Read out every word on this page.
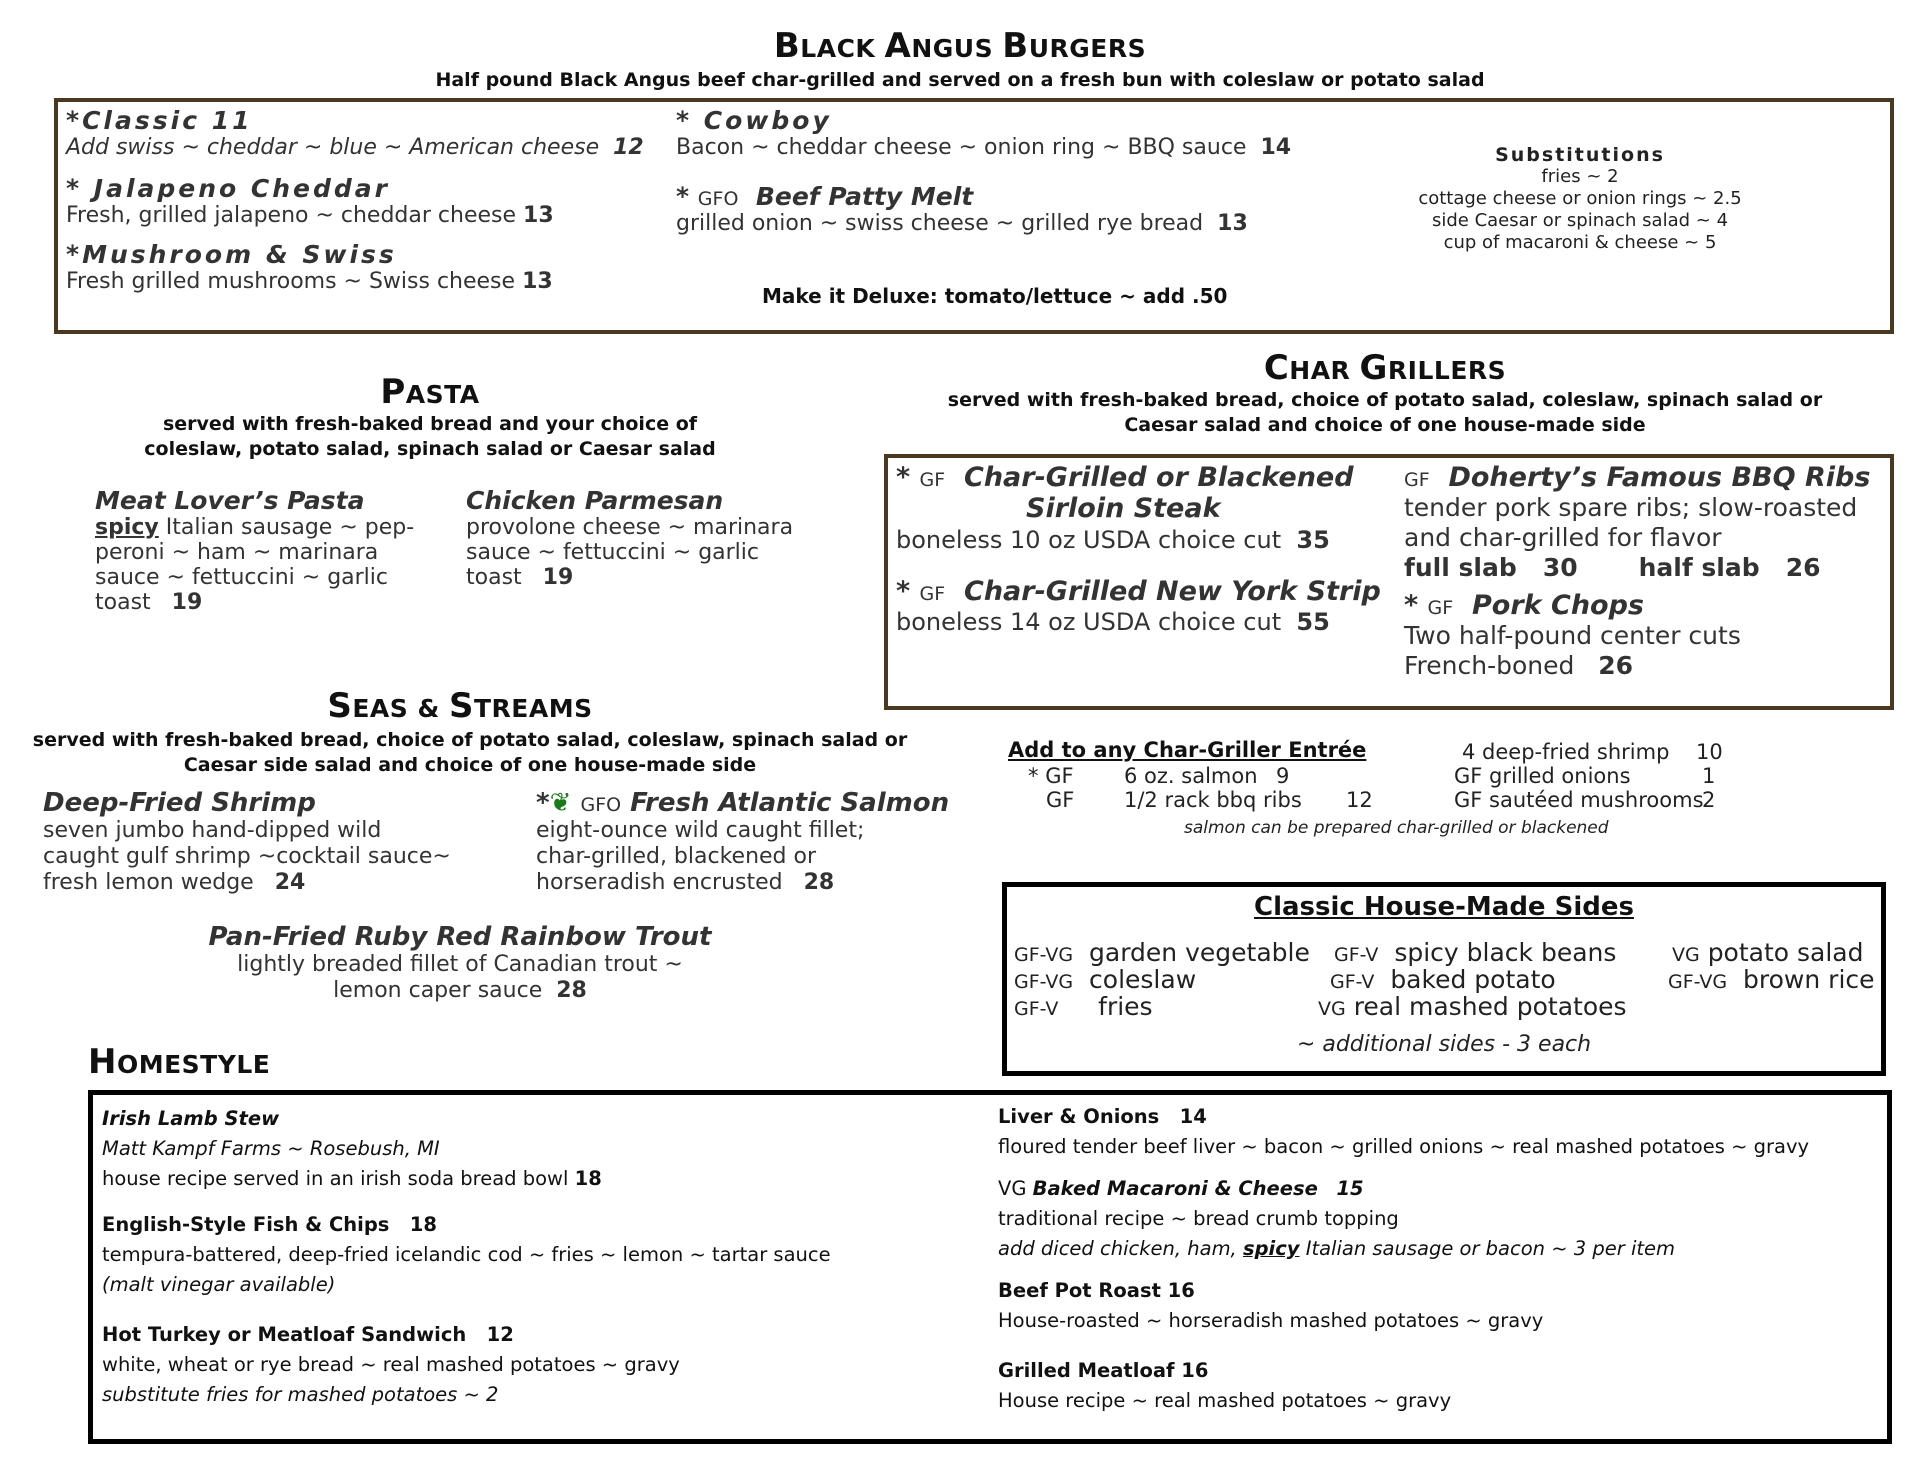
BLACK ANGUS BURGERS
Half pound Black Angus beef char-grilled and served on a fresh bun with coleslaw or potato salad
*Classic 11
Add swiss ~ cheddar ~ blue ~ American cheese 12
* Jalapeno Cheddar
Fresh, grilled jalapeno ~ cheddar cheese 13
*Mushroom & Swiss
Fresh grilled mushrooms ~ Swiss cheese 13
* Cowboy
Bacon ~ cheddar cheese ~ onion ring ~ BBQ sauce 14
* GFO Beef Patty Melt
grilled onion ~ swiss cheese ~ grilled rye bread 13
Make it Deluxe: tomato/lettuce ~ add .50
Substitutions
fries ~ 2
cottage cheese or onion rings ~ 2.5
side Caesar or spinach salad ~ 4
cup of macaroni & cheese ~ 5
PASTA
served with fresh-baked bread and your choice of
coleslaw, potato salad, spinach salad or Caesar salad
Meat Lover’s Pasta
spicy Italian sausage ~ pep-
peroni ~ ham ~ marinara
sauce ~ fettuccini ~ garlic
toast 19
Chicken Parmesan
provolone cheese ~ marinara
sauce ~ fettuccini ~ garlic
toast 19
CHAR GRILLERS
served with fresh-baked bread, choice of potato salad, coleslaw, spinach salad or
Caesar salad and choice of one house-made side
* GF Char-Grilled or Blackened
Sirloin Steak
boneless 10 oz USDA choice cut 35
* GF Char-Grilled New York Strip
boneless 14 oz USDA choice cut 55
GF Doherty’s Famous BBQ Ribs
tender pork spare ribs; slow-roasted
and char-grilled for flavor
full slab 30 half slab 26
* GF Pork Chops
Two half-pound center cuts
French-boned 26
Add to any Char-Griller Entrée
* GF 6 oz. salmon 9
GF 1/2 rack bbq ribs 12
4 deep-fried shrimp 10
GF grilled onions	1
GF sautéed mushrooms
2
salmon can be prepared char-grilled or blackened
SEAS & STREAMS
served with fresh-baked bread, choice of potato salad, coleslaw, spinach salad or
Caesar side salad and choice of one house-made side
Deep-Fried Shrimp
seven jumbo hand-dipped wild
caught gulf shrimp ~cocktail sauce~
fresh lemon wedge 24
*❦ GFO Fresh Atlantic Salmon
eight-ounce wild caught fillet;
char-grilled, blackened or
horseradish encrusted 28
Pan-Fried Ruby Red Rainbow Trout
lightly breaded fillet of Canadian trout ~
lemon caper sauce 28
Classic House-Made Sides
GF-VG garden vegetable
GF-VG coleslaw
GF-V fries
GF-V spicy black beans
GF-V baked potato
VG real mashed potatoes
VG potato salad
GF-VG brown rice
~ additional sides - 3 each
HOMESTYLE
Irish Lamb Stew
Matt Kampf Farms ~ Rosebush, MI
house recipe served in an irish soda bread bowl 18
English-Style Fish & Chips 18
tempura-battered, deep-fried icelandic cod ~ fries ~ lemon ~ tartar sauce
(malt vinegar available)
Hot Turkey or Meatloaf Sandwich 12
white, wheat or rye bread ~ real mashed potatoes ~ gravy
substitute fries for mashed potatoes ~ 2
Liver & Onions 14
floured tender beef liver ~ bacon ~ grilled onions ~ real mashed potatoes ~ gravy
VG Baked Macaroni & Cheese 15
traditional recipe ~ bread crumb topping
add diced chicken, ham, spicy Italian sausage or bacon ~ 3 per item
Beef Pot Roast 16
House-roasted ~ horseradish mashed potatoes ~ gravy
Grilled Meatloaf 16
House recipe ~ real mashed potatoes ~ gravy
